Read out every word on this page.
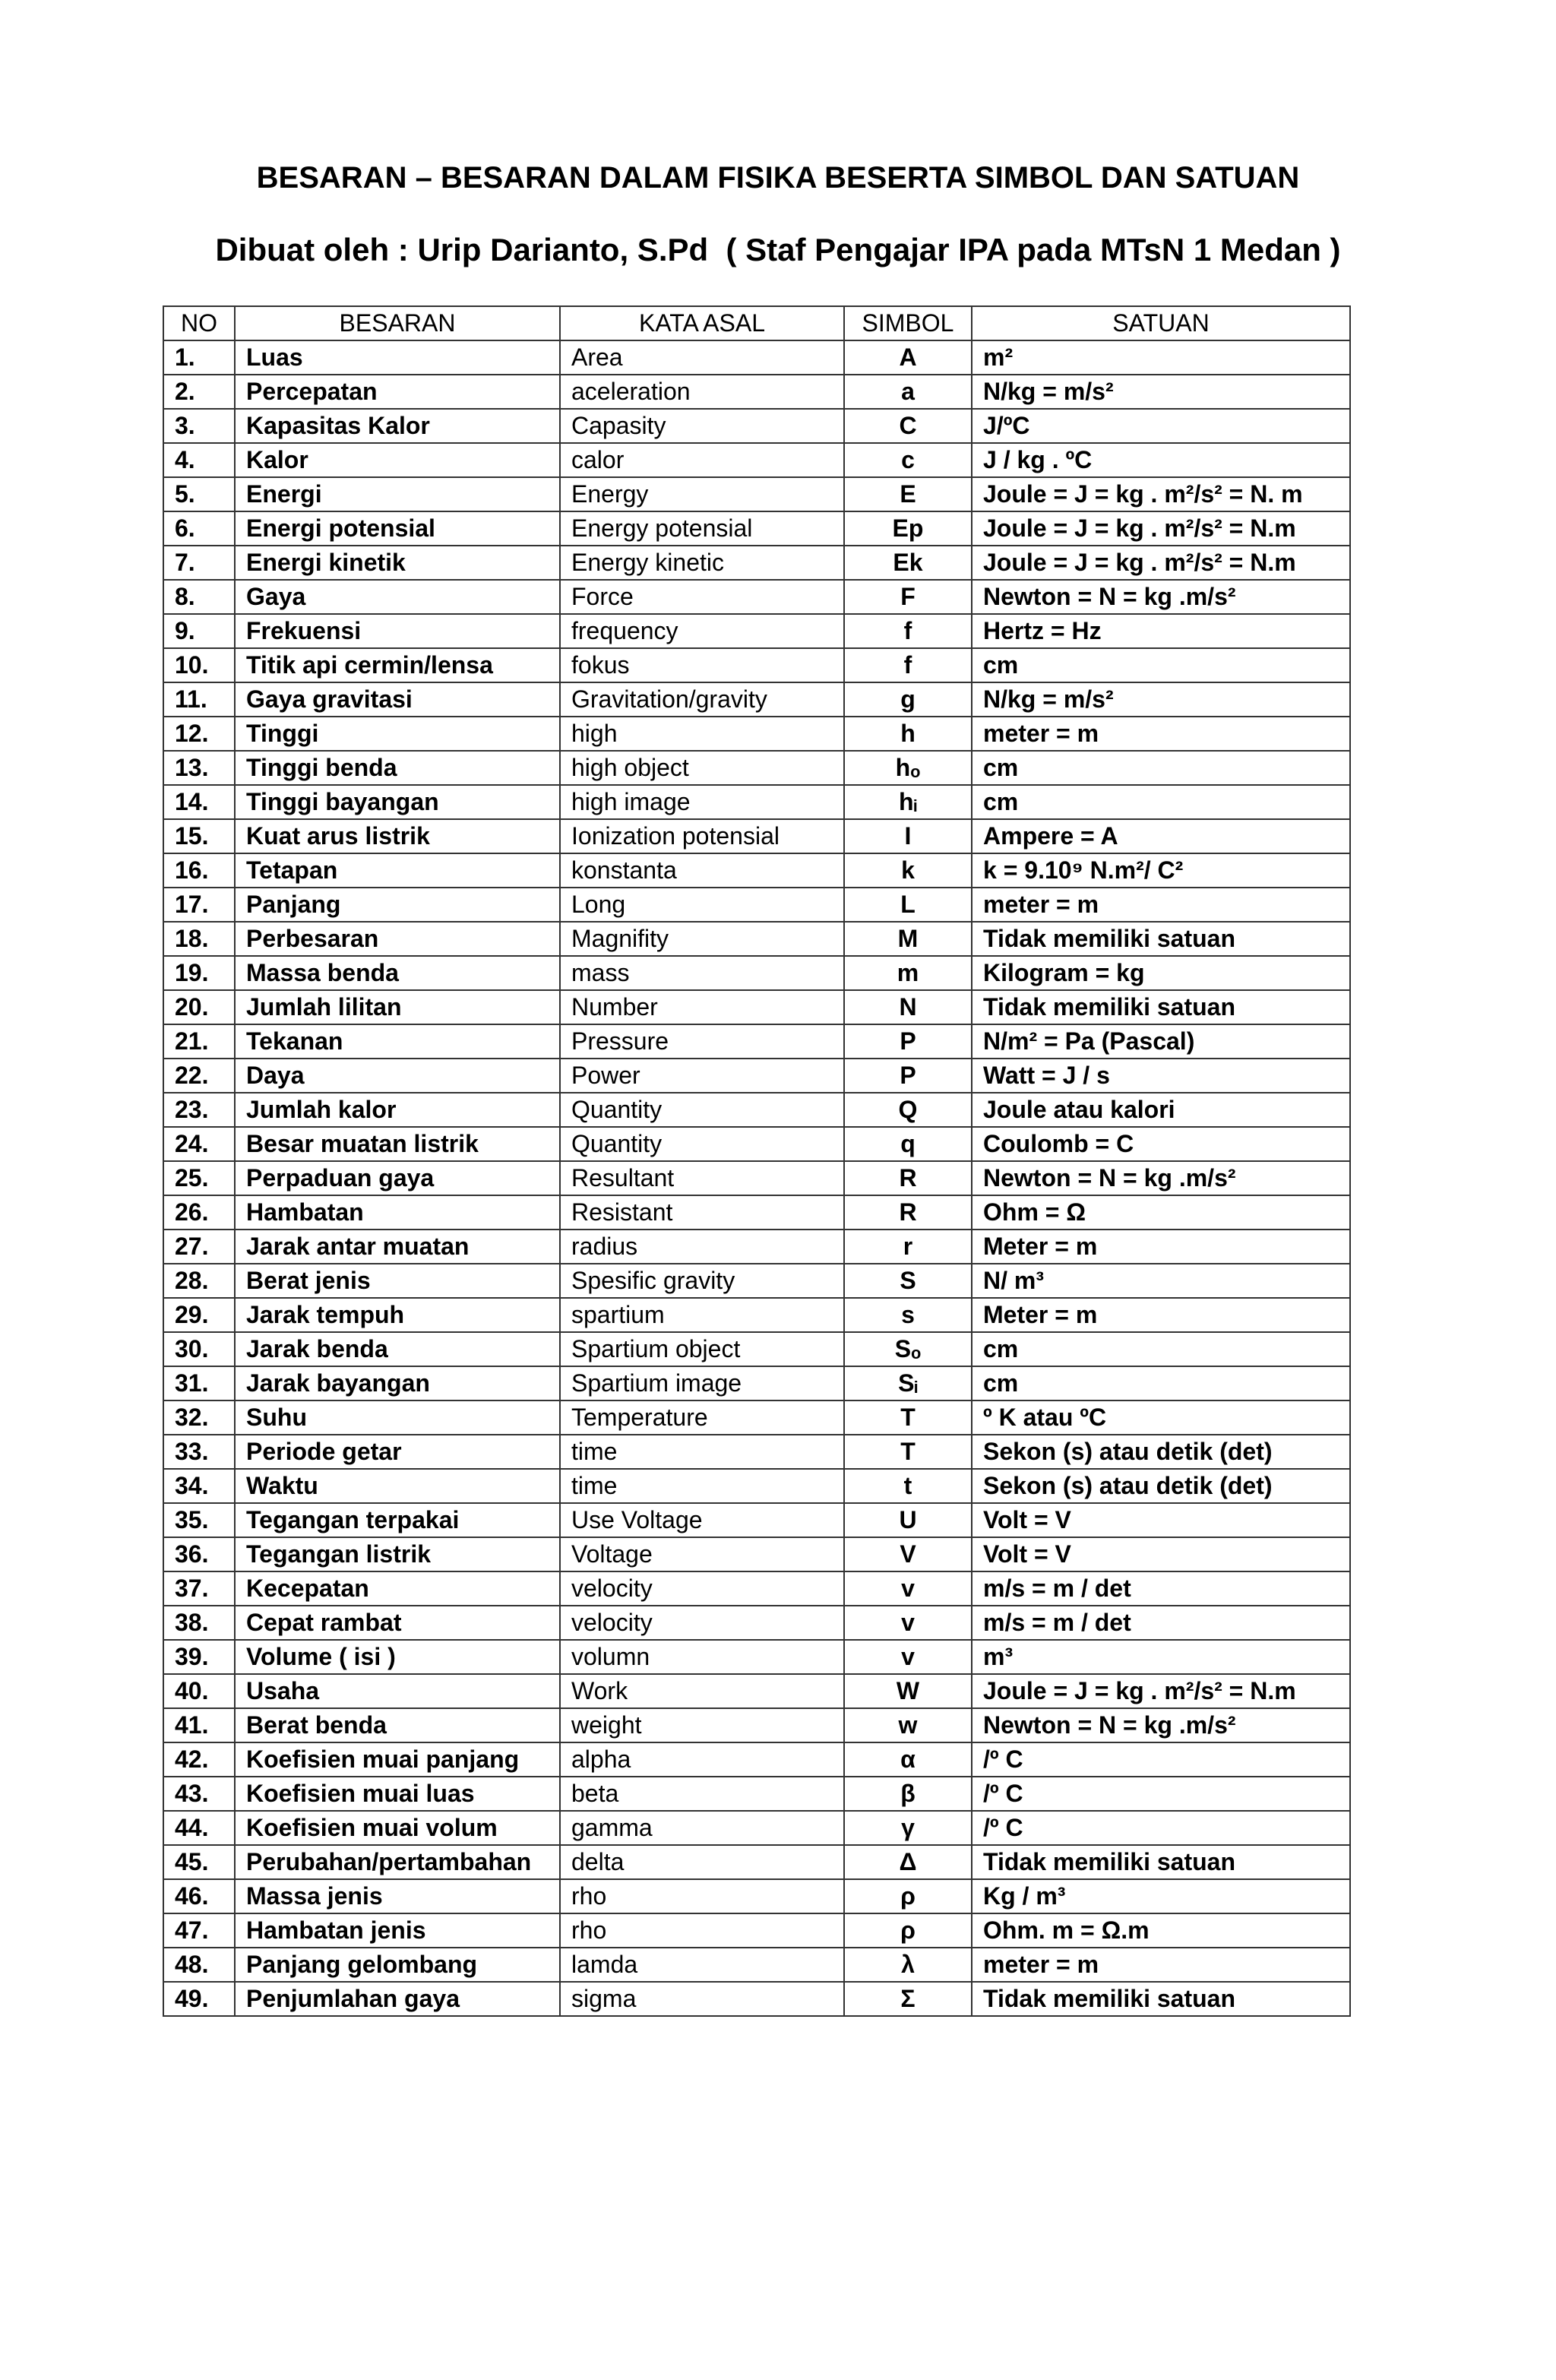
BESARAN – BESARAN DALAM FISIKA BESERTA SIMBOL DAN SATUAN
Dibuat oleh : Urip Darianto, S.Pd  ( Staf Pengajar IPA pada MTsN 1 Medan )
NO	BESARAN	KATA ASAL	SIMBOL	SATUAN
1.	Luas	Area	A	m²
2.	Percepatan	aceleration	a	N/kg = m/s²
3.	Kapasitas Kalor	Capasity	C	J/ºC
4.	Kalor	calor	c	J / kg . ºC
5.	Energi	Energy	E	Joule = J = kg . m²/s² = N. m
6.	Energi potensial	Energy potensial	Ep	Joule = J = kg . m²/s² = N.m
7.	Energi kinetik	Energy kinetic	Ek	Joule = J = kg . m²/s² = N.m
8.	Gaya	Force	F	Newton = N = kg .m/s²
9.	Frekuensi	frequency	f	Hertz = Hz
10.	Titik api cermin/lensa	fokus	f	cm
11.	Gaya gravitasi	Gravitation/gravity	g	N/kg = m/s²
12.	Tinggi	high	h	meter = m
13.	Tinggi benda	high object	hₒ	cm
14.	Tinggi bayangan	high image	hᵢ	cm
15.	Kuat arus listrik	Ionization potensial	I	Ampere = A
16.	Tetapan	konstanta	k	k = 9.10⁹ N.m²/ C²
17.	Panjang	Long	L	meter = m
18.	Perbesaran	Magnifity	M	Tidak memiliki satuan
19.	Massa benda	mass	m	Kilogram = kg
20.	Jumlah lilitan	Number	N	Tidak memiliki satuan
21.	Tekanan	Pressure	P	N/m² = Pa (Pascal)
22.	Daya	Power	P	Watt = J / s
23.	Jumlah kalor	Quantity	Q	Joule atau kalori
24.	Besar muatan listrik	Quantity	q	Coulomb = C
25.	Perpaduan gaya	Resultant	R	Newton = N = kg .m/s²
26.	Hambatan	Resistant	R	Ohm = Ω
27.	Jarak antar muatan	radius	r	Meter = m
28.	Berat jenis	Spesific gravity	S	N/ m³
29.	Jarak tempuh	spartium	s	Meter = m
30.	Jarak benda	Spartium object	Sₒ	cm
31.	Jarak bayangan	Spartium image	Sᵢ	cm
32.	Suhu	Temperature	T	º K atau ºC
33.	Periode getar	time	T	Sekon (s) atau detik (det)
34.	Waktu	time	t	Sekon (s) atau detik (det)
35.	Tegangan terpakai	Use Voltage	U	Volt = V
36.	Tegangan listrik	Voltage	V	Volt = V
37.	Kecepatan	velocity	v	m/s = m / det
38.	Cepat rambat	velocity	v	m/s = m / det
39.	Volume ( isi )	volumn	v	m³
40.	Usaha	Work	W	Joule = J = kg . m²/s² = N.m
41.	Berat benda	weight	w	Newton = N = kg .m/s²
42.	Koefisien muai panjang	alpha	α	/º C
43.	Koefisien muai luas	beta	β	/º C
44.	Koefisien muai volum	gamma	γ	/º C
45.	Perubahan/pertambahan	delta	Δ	Tidak memiliki satuan
46.	Massa jenis	rho	ρ	Kg / m³
47.	Hambatan jenis	rho	ρ	Ohm. m = Ω.m
48.	Panjang gelombang	lamda	λ	meter = m
49.	Penjumlahan gaya	sigma	Σ	Tidak memiliki satuan
